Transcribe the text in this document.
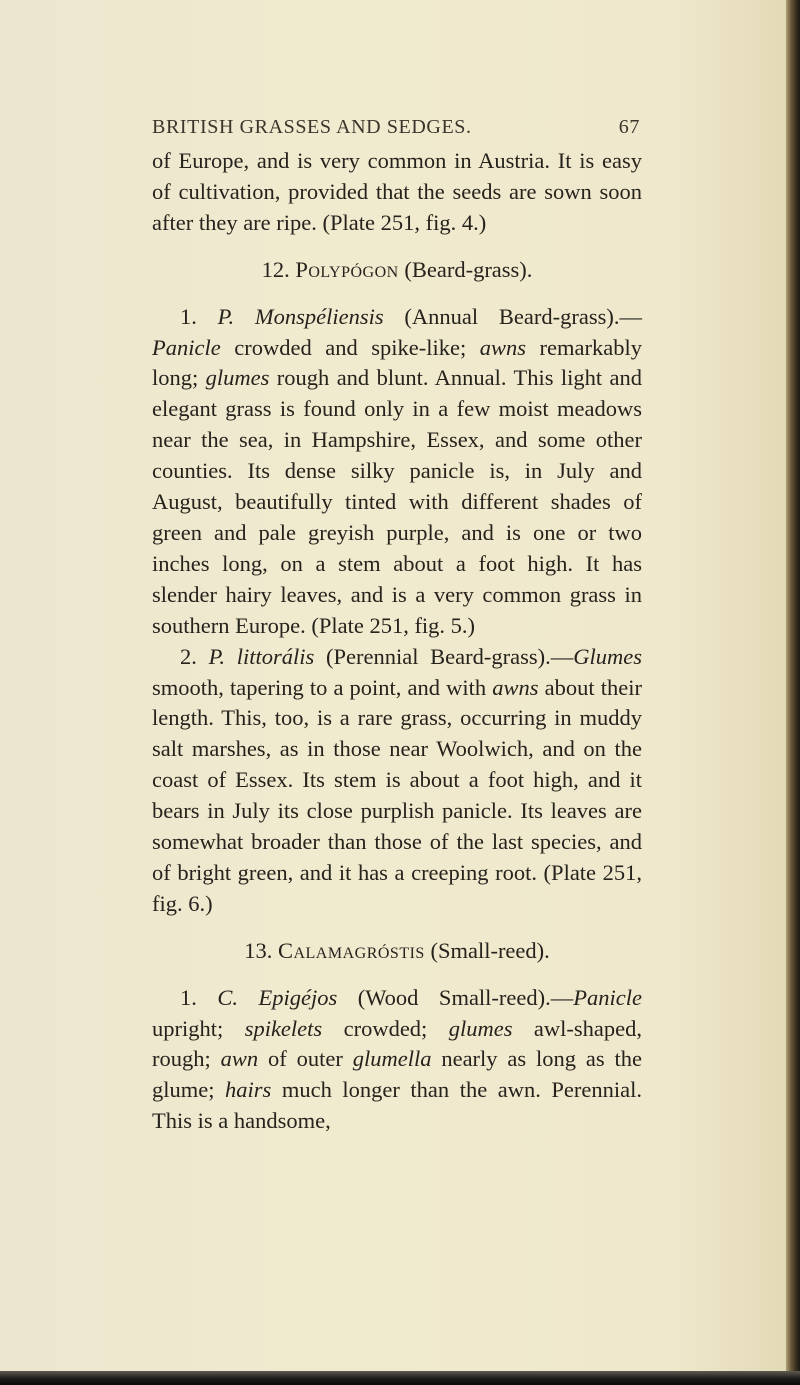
BRITISH GRASSES AND SEDGES.	67

of Europe, and is very common in Austria. It is easy of cultivation, provided that the seeds are sown soon after they are ripe. (Plate 251, fig. 4.)

12. Polypógon (Beard-grass).

1. P. Monspéliensis (Annual Beard-grass).—Panicle crowded and spike-like; awns remarkably long; glumes rough and blunt. Annual. This light and elegant grass is found only in a few moist meadows near the sea, in Hampshire, Essex, and some other counties. Its dense silky panicle is, in July and August, beautifully tinted with different shades of green and pale greyish purple, and is one or two inches long, on a stem about a foot high. It has slender hairy leaves, and is a very common grass in southern Europe. (Plate 251, fig. 5.)

2. P. littorális (Perennial Beard-grass).—Glumes smooth, tapering to a point, and with awns about their length. This, too, is a rare grass, occurring in muddy salt marshes, as in those near Woolwich, and on the coast of Essex. Its stem is about a foot high, and it bears in July its close purplish panicle. Its leaves are somewhat broader than those of the last species, and of bright green, and it has a creeping root. (Plate 251, fig. 6.)

13. Calamagróstis (Small-reed).

1. C. Epigéjos (Wood Small-reed).—Panicle upright; spikelets crowded; glumes awl-shaped, rough; awn of outer glumella nearly as long as the glume; hairs much longer than the awn. Perennial. This is a handsome,
